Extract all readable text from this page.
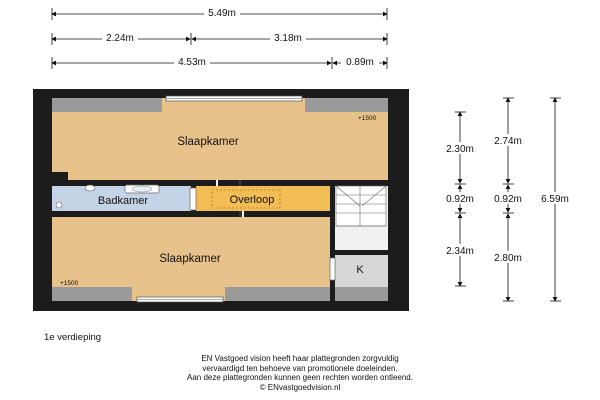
5.49m
2.24m	3.18m
4.53m	0.89m
Slaapkamer
Badkamer	Overloop
Slaapkamer
K
+1500
+1500
2.30m
0.92m
2.34m
2.74m
0.92m
2.80m
6.59m
1e verdieping
EN Vastgoed vision heeft haar plattegronden zorgvuldig
vervaardigd ten behoeve van promotionele doeleinden.
Aan deze plattegronden kunnen geen rechten worden ontleend.
© ENvastgoedvision.nl
